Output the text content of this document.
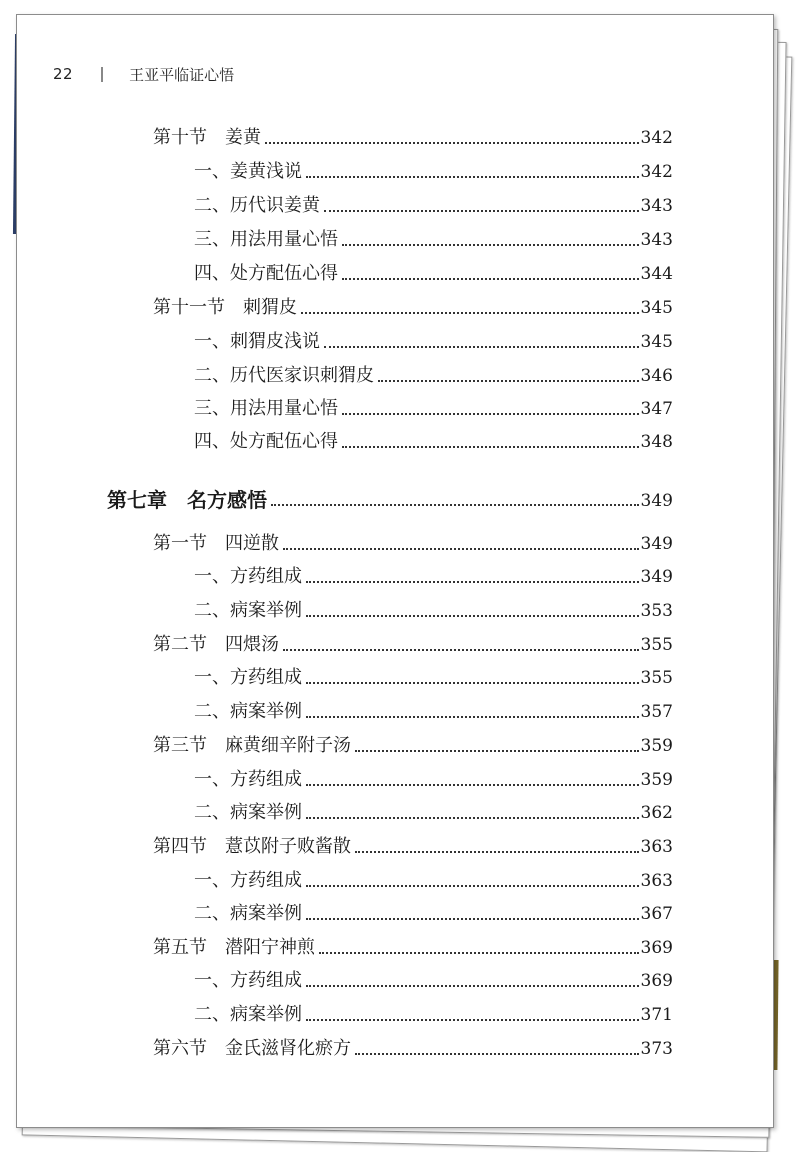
22	王亚平临证心悟
第十节　姜黄	342
一、姜黄浅说	342
二、历代识姜黄	343
三、用法用量心悟	343
四、处方配伍心得	344
第十一节　刺猬皮	345
一、刺猬皮浅说	345
二、历代医家识刺猬皮	346
三、用法用量心悟	347
四、处方配伍心得	348
第七章　名方感悟	349
第一节　四逆散	349
一、方药组成	349
二、病案举例	353
第二节　四煨汤	355
一、方药组成	355
二、病案举例	357
第三节　麻黄细辛附子汤	359
一、方药组成	359
二、病案举例	362
第四节　薏苡附子败酱散	363
一、方药组成	363
二、病案举例	367
第五节　潜阳宁神煎	369
一、方药组成	369
二、病案举例	371
第六节　金氏滋肾化瘀方	373
